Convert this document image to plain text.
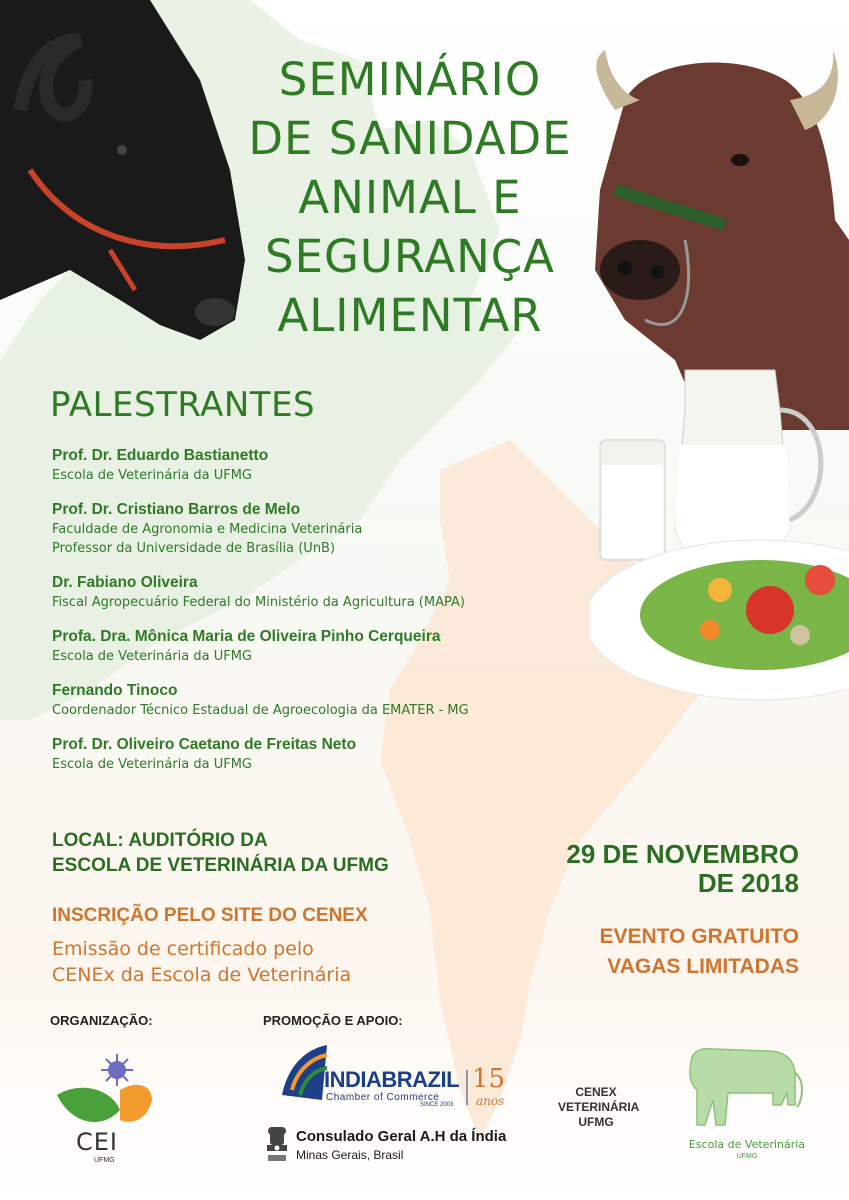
SEMINÁRIO
DE SANIDADE
ANIMAL E
SEGURANÇA
ALIMENTAR
PALESTRANTES
Prof. Dr. Eduardo Bastianetto
Escola de Veterinária da UFMG
Prof. Dr. Cristiano Barros de Melo
Faculdade de Agronomia e Medicina Veterinária
Professor da Universidade de Brasília (UnB)
Dr. Fabiano Oliveira
Fiscal Agropecuário Federal do Ministério da Agricultura (MAPA)
Profa. Dra. Mônica Maria de Oliveira Pinho Cerqueira
Escola de Veterinária da UFMG
Fernando Tinoco
Coordenador Técnico Estadual de Agroecologia da EMATER - MG
Prof. Dr. Oliveiro Caetano de Freitas Neto
Escola de Veterinária da UFMG
LOCAL: AUDITÓRIO DA
ESCOLA DE VETERINÁRIA DA UFMG	29 DE NOVEMBRO
DE 2018
INSCRIÇÃO PELO SITE DO CENEX
Emissão de certificado pelo
CENEx da Escola de Veterinária
EVENTO GRATUITO
VAGAS LIMITADAS
ORGANIZAÇÃO:	PROMOÇÃO E APOIO:
CEI
UFMG
INDIABRAZIL
Chamber of Commerce
SINCE 2003
15
anos
Consulado Geral A.H da Índia
Minas Gerais, Brasil
CENEX
VETERINÁRIA
UFMG
Escola de Veterinária
UFMG
